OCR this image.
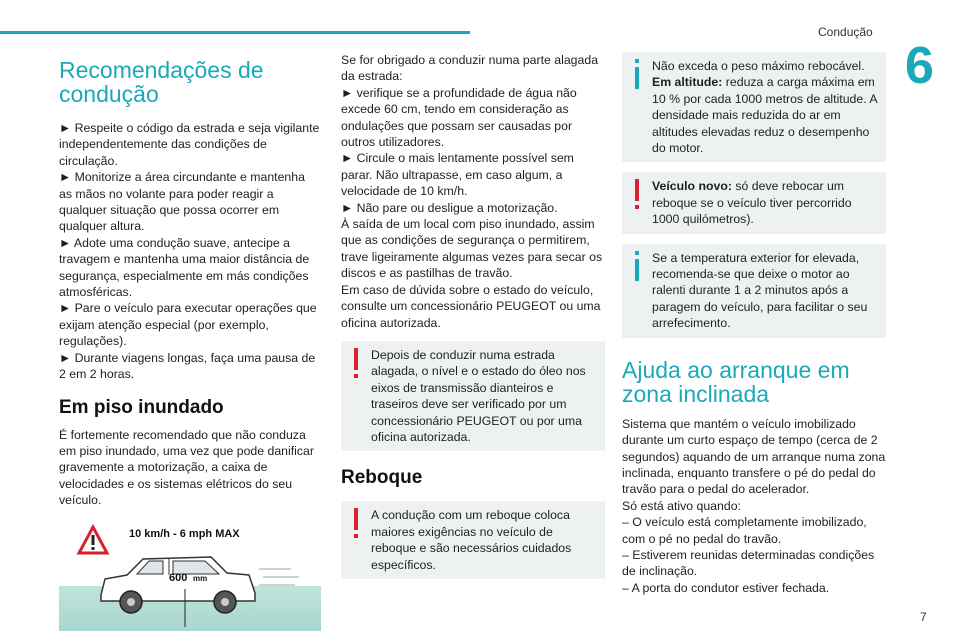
Condução
6
Recomendações de condução
► Respeite o código da estrada e seja vigilante independentemente das condições de circulação.
► Monitorize a área circundante e mantenha as mãos no volante para poder reagir a qualquer situação que possa ocorrer em qualquer altura.
► Adote uma condução suave, antecipe a travagem e mantenha uma maior distância de segurança, especialmente em más condições atmosféricas.
► Pare o veículo para executar operações que exijam atenção especial (por exemplo, regulações).
► Durante viagens longas, faça uma pausa de 2 em 2 horas.
Em piso inundado

É fortemente recomendado que não conduza em piso inundado, uma vez que pode danificar gravemente a motorização, a caixa de velocidades e os sistemas elétricos do seu veículo.

10 km/h - 6 mph MAX
600 mm

Se for obrigado a conduzir numa parte alagada da estrada:

► verifique se a profundidade de água não excede 60 cm, tendo em consideração as ondulações que possam ser causadas por outros utilizadores.
► Circule o mais lentamente possível sem parar. Não ultrapasse, em caso algum, a velocidade de 10 km/h.
► Não pare ou desligue a motorização.

À saída de um local com piso inundado, assim que as condições de segurança o permitirem, trave ligeiramente algumas vezes para secar os discos e as pastilhas de travão.

Em caso de dúvida sobre o estado do veículo, consulte um concessionário PEUGEOT ou uma oficina autorizada.

Depois de conduzir numa estrada alagada, o nível e o estado do óleo nos eixos de transmissão dianteiros e traseiros deve ser verificado por um concessionário PEUGEOT ou por uma oficina autorizada.
Reboque
A condução com um reboque coloca maiores exigências no veículo de reboque e são necessários cuidados específicos.
Não exceda o peso máximo rebocável.
Em altitude: reduza a carga máxima em 10 % por cada 1000 metros de altitude. A densidade mais reduzida do ar em altitudes elevadas reduz o desempenho do motor.
Veículo novo: só deve rebocar um reboque se o veículo tiver percorrido 1000 quilómetros).
Se a temperatura exterior for elevada, recomenda-se que deixe o motor ao ralenti durante 1 a 2 minutos após a paragem do veículo, para facilitar o seu arrefecimento.
Ajuda ao arranque em zona inclinada

Sistema que mantém o veículo imobilizado durante um curto espaço de tempo (cerca de 2 segundos) aquando de um arranque numa zona inclinada, enquanto transfere o pé do pedal do travão para o pedal do acelerador.

Só está ativo quando:

– O veículo está completamente imobilizado, com o pé no pedal do travão.
– Estiverem reunidas determinadas condições de inclinação.
– A porta do condutor estiver fechada.
7
